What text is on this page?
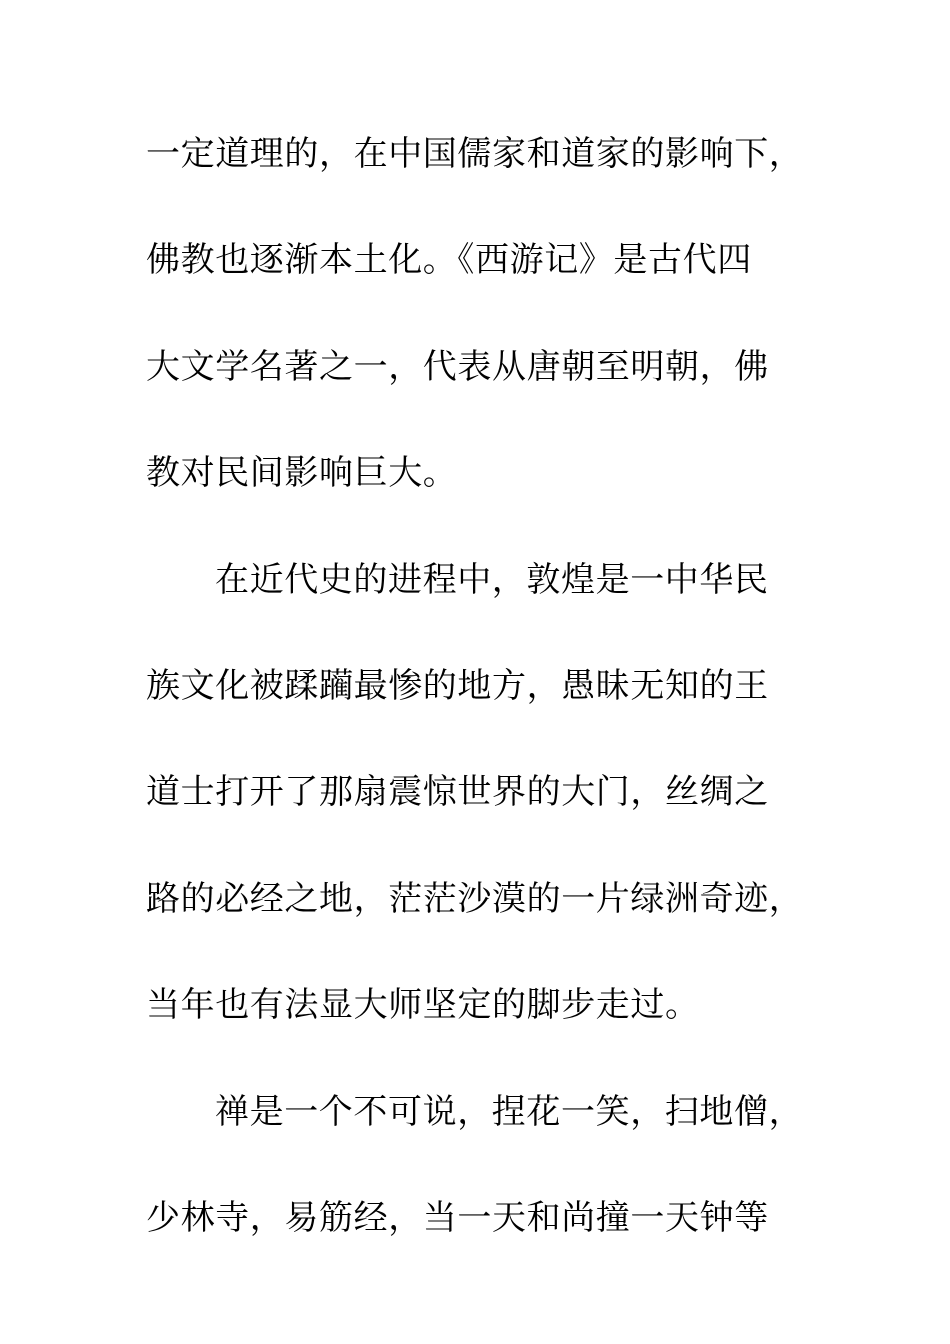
一定道理的，在中国儒家和道家的影响下，
佛教也逐渐本土化。《西游记》是古代四
大文学名著之一，代表从唐朝至明朝，佛
教对民间影响巨大。
在近代史的进程中，敦煌是一中华民
族文化被蹂躏最惨的地方，愚昧无知的王
道士打开了那扇震惊世界的大门，丝绸之
路的必经之地，茫茫沙漠的一片绿洲奇迹，
当年也有法显大师坚定的脚步走过。
禅是一个不可说，捏花一笑，扫地僧，
少林寺，易筋经，当一天和尚撞一天钟等
